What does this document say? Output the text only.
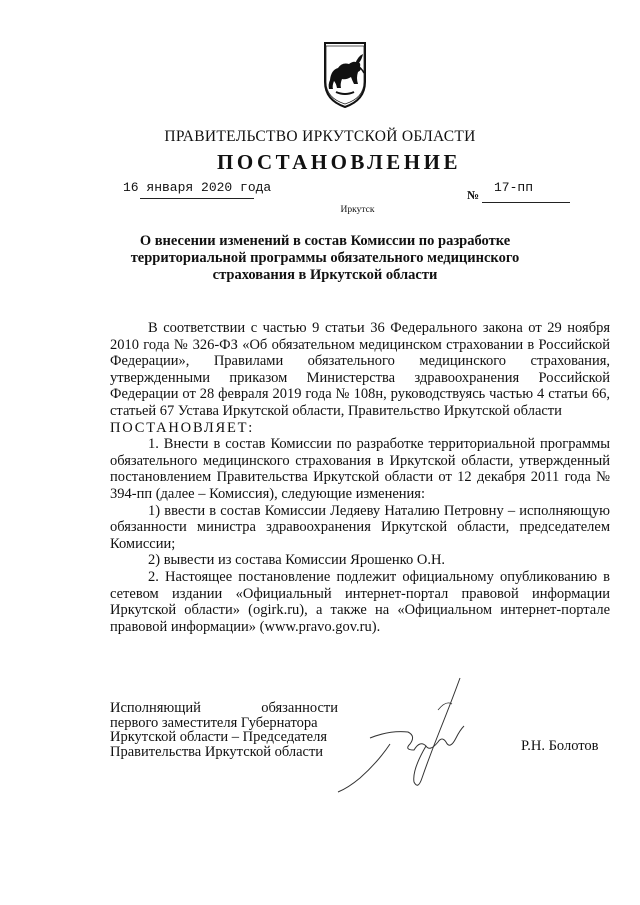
ПРАВИТЕЛЬСТВО ИРКУТСКОЙ ОБЛАСТИ
ПОСТАНОВЛЕНИЕ
16 января 2020 года	№ 17-пп
Иркутск
О внесении изменений в состав Комиссии по разработке территориальной программы обязательного медицинского страхования в Иркутской области

В соответствии с частью 9 статьи 36 Федерального закона от 29 ноября 2010 года № 326-ФЗ «Об обязательном медицинском страховании в Российской Федерации», Правилами обязательного медицинского страхования, утвержденными приказом Министерства здравоохранения Российской Федерации от 28 февраля 2019 года № 108н, руководствуясь частью 4 статьи 66, статьей 67 Устава Иркутской области, Правительство Иркутской области

ПОСТАНОВЛЯЕТ:

1. Внести в состав Комиссии по разработке территориальной программы обязательного медицинского страхования в Иркутской области, утвержденный постановлением Правительства Иркутской области от 12 декабря 2011 года № 394-пп (далее – Комиссия), следующие изменения:

1) ввести в состав Комиссии Ледяеву Наталию Петровну – исполняющую обязанности министра здравоохранения Иркутской области, председателем Комиссии;

2) вывести из состава Комиссии Ярошенко О.Н.

2. Настоящее постановление подлежит официальному опубликованию в сетевом издании «Официальный интернет-портал правовой информации Иркутской области» (ogirk.ru), а также на «Официальном интернет-портале правовой информации» (www.pravo.gov.ru).

Исполняющий	обязанности
первого заместителя Губернатора
Иркутской области – Председателя
Правительства Иркутской области	Р.Н. Болотов
